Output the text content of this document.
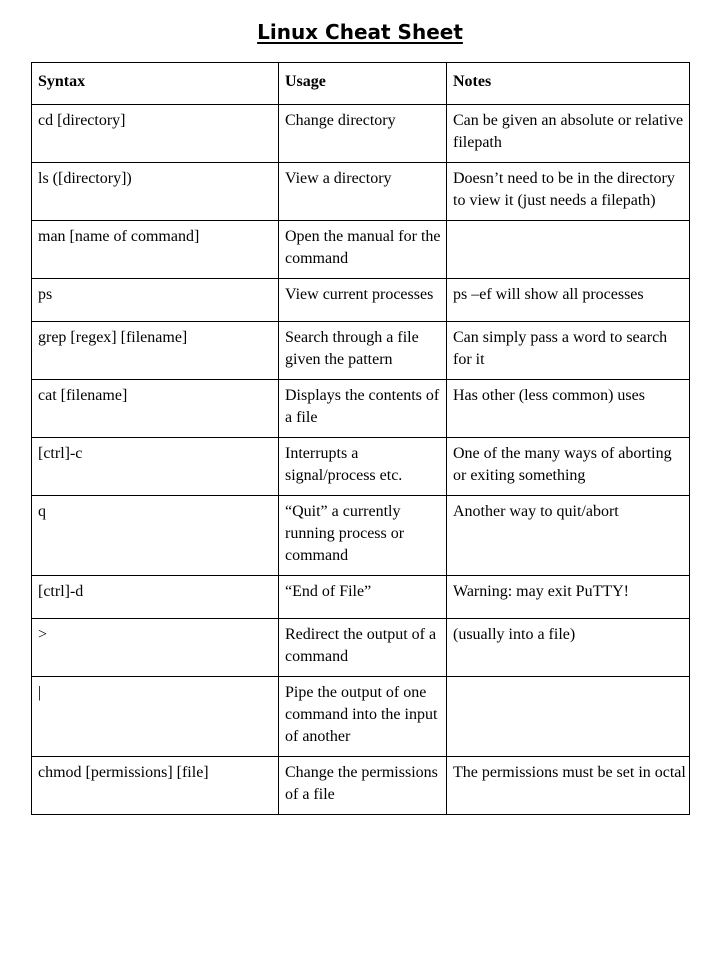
Linux Cheat Sheet
Syntax	Usage	Notes
cd [directory]	Change directory	Can be given an absolute or relative filepath
ls ([directory])	View a directory	Doesn’t need to be in the directory to view it (just needs a filepath)
man [name of command]	Open the manual for the command	
ps	View current processes	ps –ef will show all processes
grep [regex] [filename]	Search through a file given the pattern	Can simply pass a word to search for it
cat [filename]	Displays the contents of a file	Has other (less common) uses
[ctrl]-c	Interrupts a signal/process etc.	One of the many ways of aborting or exiting something
q	“Quit” a currently running process or command	Another way to quit/abort
[ctrl]-d	“End of File”	Warning: may exit PuTTY!
>	Redirect the output of a command	(usually into a file)
|	Pipe the output of one command into the input of another	
chmod [permissions] [file]	Change the permissions of a file	The permissions must be set in octal
